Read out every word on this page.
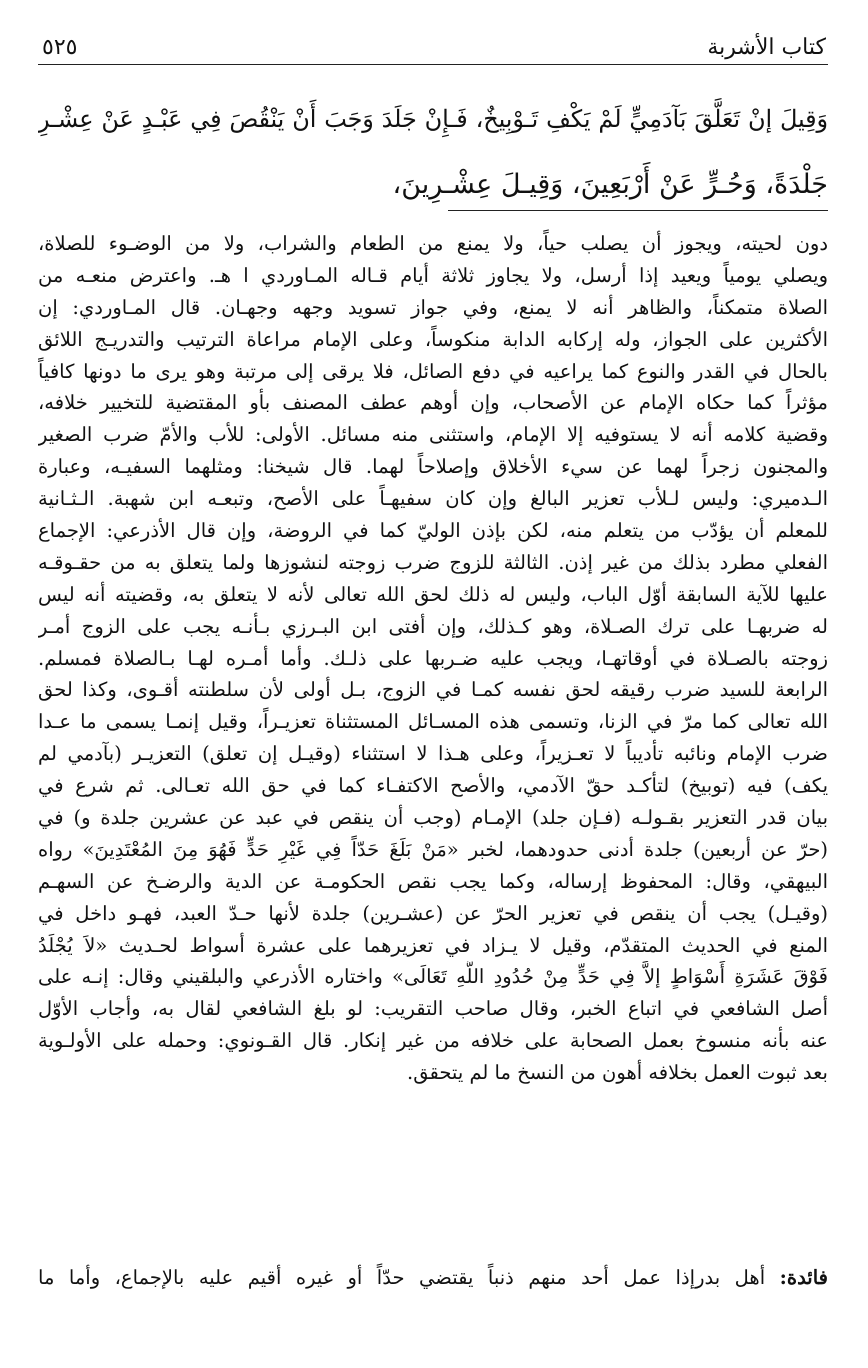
٥٢٥	كتاب الأشربة
وَقِيلَ إنْ تَعَلَّقَ بَآدَمِيٍّ لَمْ يَكْفِ تَـوْبِيخٌ، فَـإِنْ جَلَدَ وَجَبَ أَنْ يَنْقُصَ فِي عَبْـدٍ عَنْ عِشْـرِ
جَلْدَةً، وَحُـرٍّ عَنْ أَرْبَعِينَ، وَقِيـلَ عِشْـرِينَ،
دون لحيته، ويجوز أن يصلب حياً، ولا يمنع من الطعام والشراب، ولا من الوضـوء للصلاة،
ويصلي يومياً ويعيد إذا أرسل، ولا يجاوز ثلاثة أيام قـاله المـاوردي ا هـ. واعترض منعـه من
الصلاة متمكناً، والظاهر أنه لا يمنع، وفي جواز تسويد وجهه وجهـان. قال المـاوردي: إن
الأكثرين على الجواز، وله إركابه الدابة منكوساً، وعلى الإمام مراعاة الترتيب والتدريـج اللائق
بالحال في القدر والنوع كما يراعيه في دفع الصائل، فلا يرقى إلى مرتبة وهو يرى ما دونها كافياً
مؤثراً كما حكاه الإمام عن الأصحاب، وإن أوهم عطف المصنف بأو المقتضية للتخيير خلافه،
وقضية كلامه أنه لا يستوفيه إلا الإمام، واستثنى منه مسائل. الأولى: للأب والأمّ ضرب الصغير
والمجنون زجراً لهما عن سيء الأخلاق وإصلاحاً لهما. قال شيخنا: ومثلهما السفيـه، وعبارة
الـدميري: وليس لـلأب تعزير البالغ وإن كان سفيهـاً على الأصح، وتبعـه ابن شهبة. الـثـانية
للمعلم أن يؤدّب من يتعلم منه، لكن بإذن الوليّ كما في الروضة، وإن قال الأذرعي: الإجماع
الفعلي مطرد بذلك من غير إذن. الثالثة للزوج ضرب زوجته لنشوزها ولما يتعلق به من حقـوقـه
عليها للآية السابقة أوّل الباب، وليس له ذلك لحق الله تعالى لأنه لا يتعلق به، وقضيته أنه ليس
له ضربهـا على ترك الصـلاة، وهو كـذلك، وإن أفتى ابن البـرزي بـأنـه يجب على الزوج أمـر
زوجته بالصـلاة في أوقاتهـا، ويجب عليه ضـربها على ذلـك. وأما أمـره لهـا بـالصلاة فمسلم.
الرابعة للسيد ضرب رقيقه لحق نفسه كمـا في الزوج، بـل أولى لأن سلطنته أقـوى، وكذا لحق
الله تعالى كما مرّ في الزنا، وتسمى هذه المسـائل المستثناة تعزيـراً، وقيل إنمـا يسمى ما عـدا
ضرب الإمام ونائبه تأديباً لا تعـزيراً، وعلى هـذا لا استثناء (وقيـل إن تعلق) التعزيـر (بآدمي لم
يكف) فيه (توبيخ) لتأكـد حقّ الآدمي، والأصح الاكتفـاء كما في حق الله تعـالى. ثم شرع في
بيان قدر التعزير بقـولـه (فـإن جلد) الإمـام (وجب أن ينقص في عبد عن عشرين جلدة و) في
(حرّ عن أربعين) جلدة أدنى حدودهما، لخبر «مَنْ بَلَغَ حَدّاً فِي غَيْرِ حَدٍّ فَهُوَ مِنَ المُعْتَدِينَ» رواه
البيهقي، وقال: المحفوظ إرساله، وكما يجب نقص الحكومـة عن الدية والرضـخ عن السهـم
(وقيـل) يجب أن ينقص في تعزير الحرّ عن (عشـرين) جلدة لأنها حـدّ العبد، فهـو داخل في
المنع في الحديث المتقدّم، وقيل لا يـزاد في تعزيرهما على عشرة أسواط لحـديث «لاَ يُجْلَدُ
فَوْقَ عَشَرَةِ أَسْوَاطٍ إلاَّ فِي حَدٍّ مِنْ حُدُودِ اللَّهِ تَعَالَى» واختاره الأذرعي والبلقيني وقال: إنـه على
أصل الشافعي في اتباع الخبر، وقال صاحب التقريب: لو بلغ الشافعي لقال به، وأجاب الأوّل
عنه بأنه منسوخ بعمل الصحابة على خلافه من غير إنكار. قال القـونوي: وحمله على الأولـوية
بعد ثبوت العمل بخلافه أهون من النسخ ما لم يتحقق.
فائدة: أهل بدرإذا عمل أحد منهم ذنباً يقتضي حدّاً أو غيره أقيم عليه بالإجماع، وأما ما
